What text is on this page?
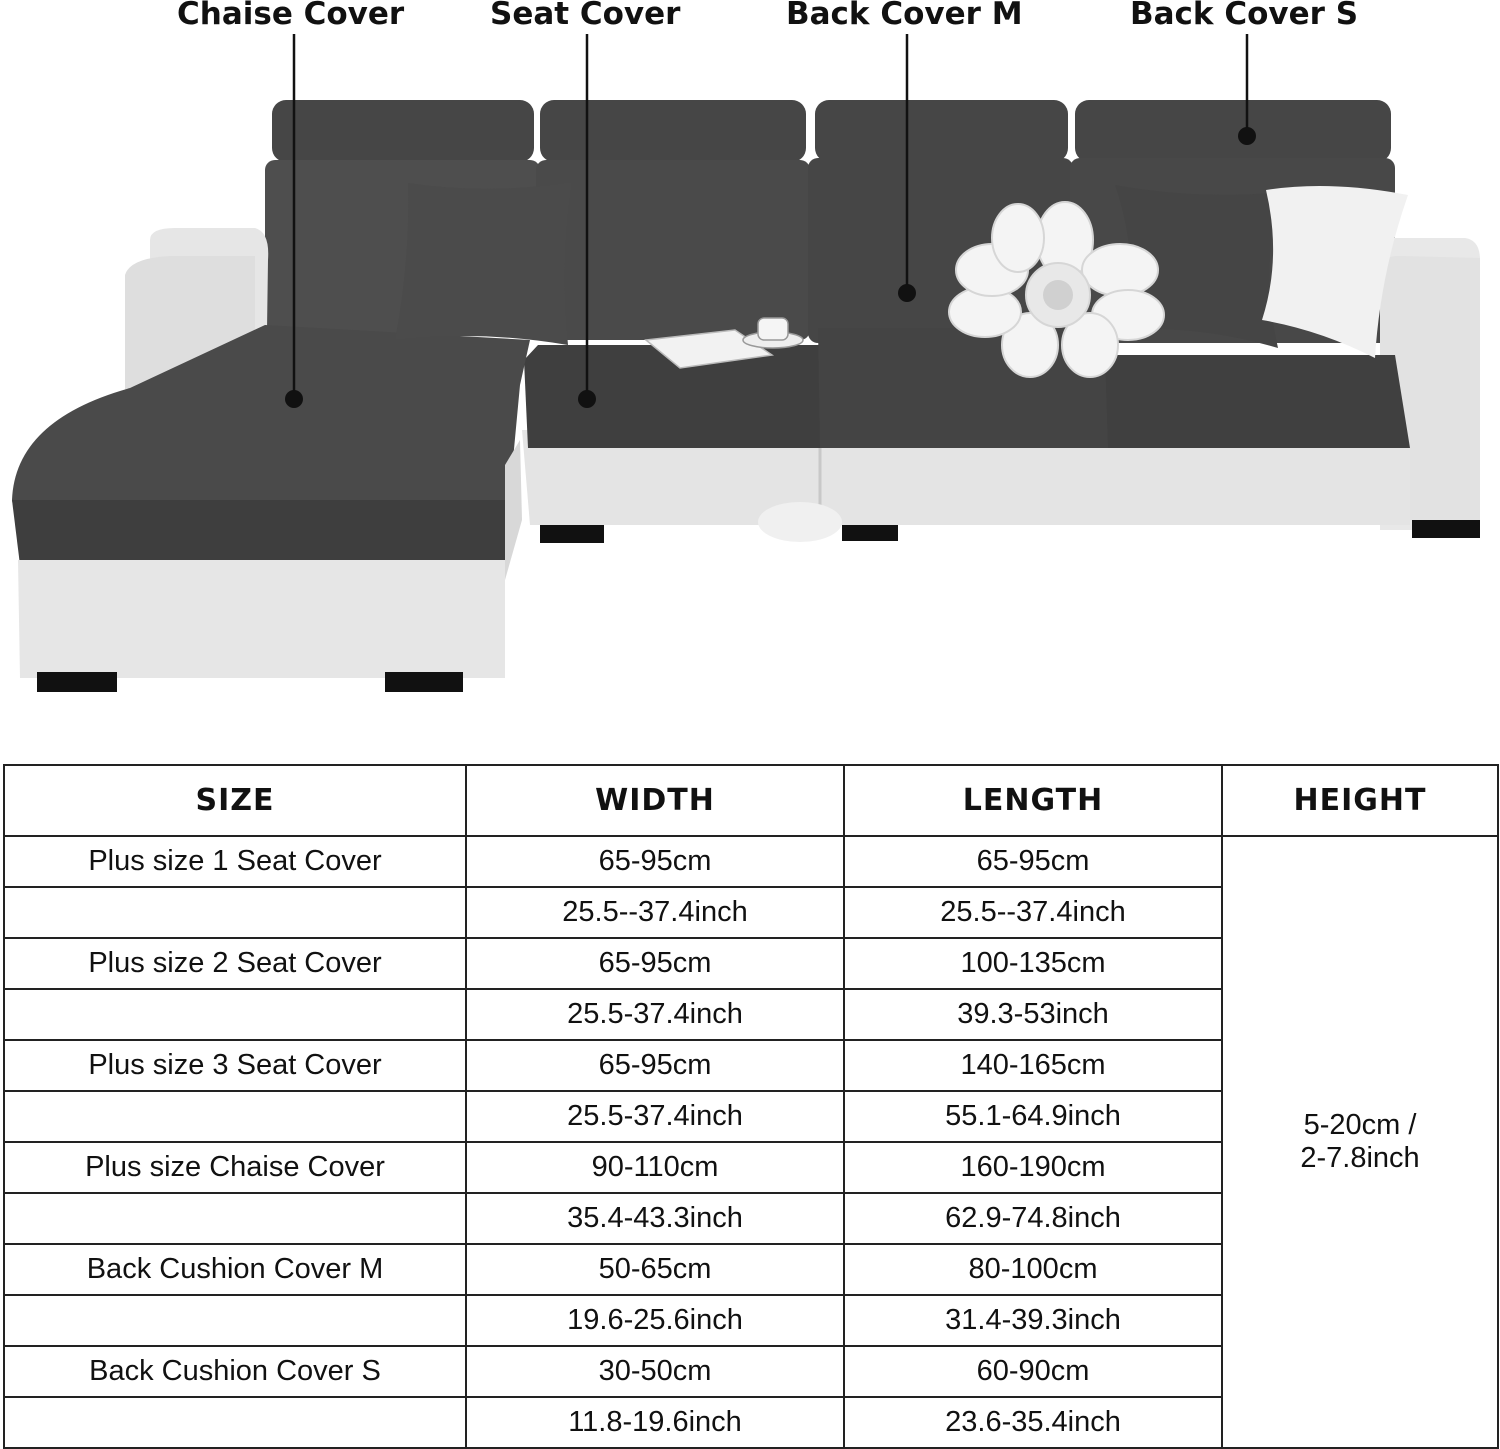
Chaise Cover	Seat Cover	Back Cover M	Back Cover S
SIZE	WIDTH	LENGTH	HEIGHT
Plus size 1 Seat Cover	65-95cm	65-95cm	5-20cm /
2-7.8inch
	25.5--37.4inch	25.5--37.4inch	
Plus size 2 Seat Cover	65-95cm	100-135cm	
	25.5-37.4inch	39.3-53inch	
Plus size 3 Seat Cover	65-95cm	140-165cm	
	25.5-37.4inch	55.1-64.9inch	
Plus size Chaise Cover	90-110cm	160-190cm	
	35.4-43.3inch	62.9-74.8inch	
Back Cushion Cover M	50-65cm	80-100cm	
	19.6-25.6inch	31.4-39.3inch	
Back Cushion Cover S	30-50cm	60-90cm	
	11.8-19.6inch	23.6-35.4inch	
